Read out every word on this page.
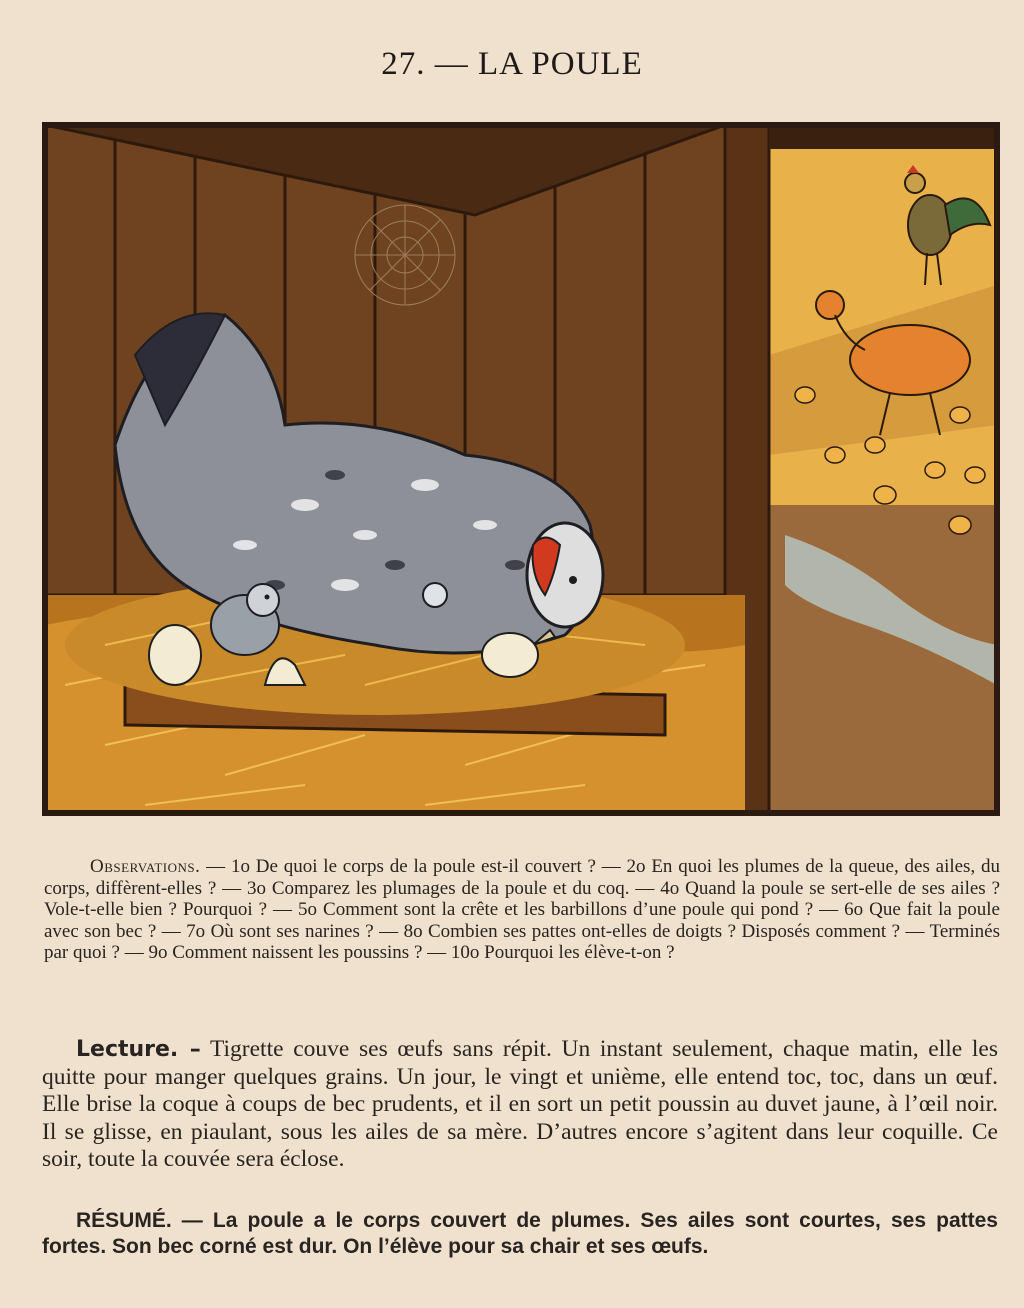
27. — LA POULE
Observations. — 1o De quoi le corps de la poule est-il couvert ? — 2o En quoi les plumes de la queue, des ailes, du corps, diffèrent-elles ? — 3o Comparez les plumages de la poule et du coq. — 4o Quand la poule se sert-elle de ses ailes ? Vole-t-elle bien ? Pourquoi ? — 5o Comment sont la crête et les barbillons d’une poule qui pond ? — 6o Que fait la poule avec son bec ? — 7o Où sont ses narines ? — 8o Combien ses pattes ont-elles de doigts ? Disposés comment ? — Terminés par quoi ? — 9o Comment naissent les poussins ? — 10o Pourquoi les élève-t-on ?
Lecture. – Tigrette couve ses œufs sans répit. Un instant seulement, chaque matin, elle les quitte pour manger quelques grains. Un jour, le vingt et unième, elle entend toc, toc, dans un œuf. Elle brise la coque à coups de bec prudents, et il en sort un petit poussin au duvet jaune, à l’œil noir. Il se glisse, en piaulant, sous les ailes de sa mère. D’autres encore s’agitent dans leur coquille. Ce soir, toute la couvée sera éclose.
RÉSUMÉ. — La poule a le corps couvert de plumes. Ses ailes sont courtes, ses pattes fortes. Son bec corné est dur. On l’élève pour sa chair et ses œufs.
